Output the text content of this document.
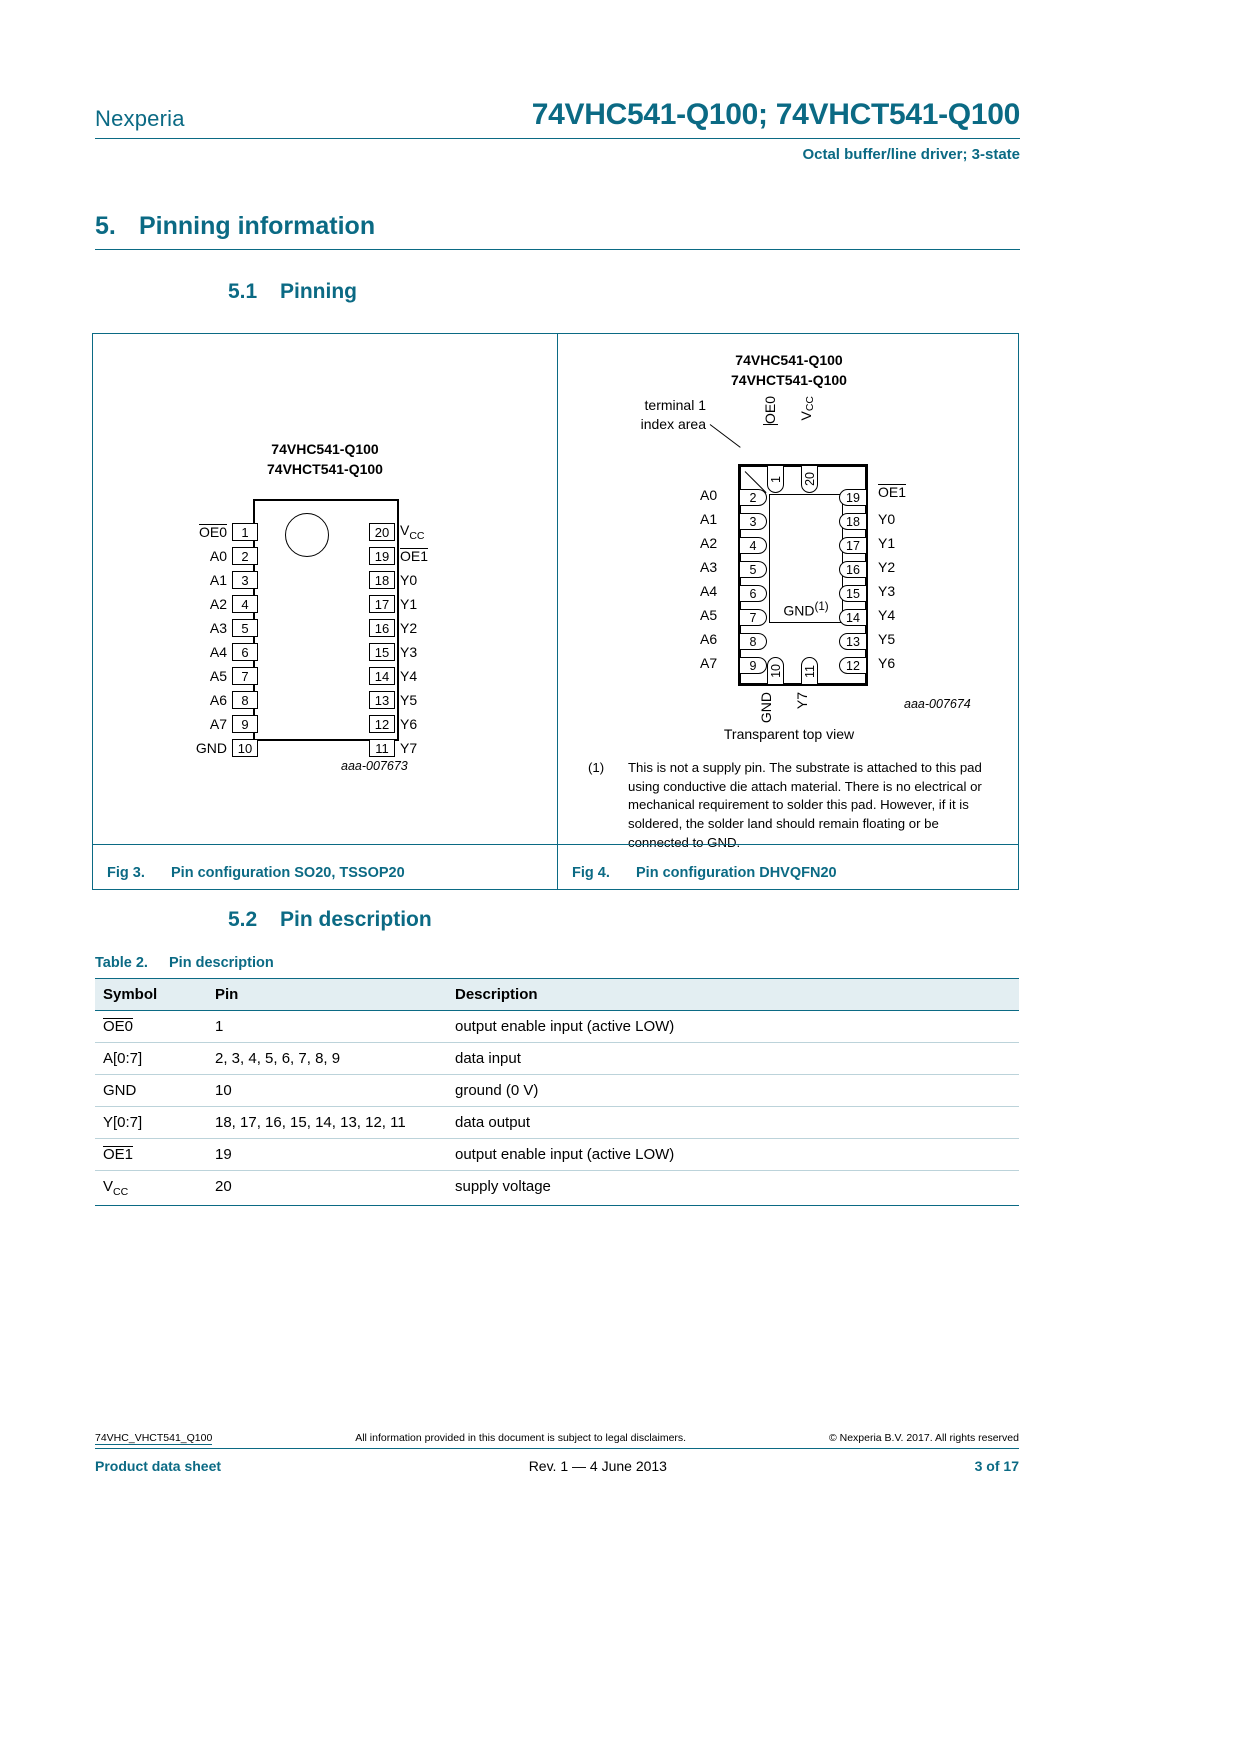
Nexperia	74VHC541-Q100; 74VHCT541-Q100
Octal buffer/line driver; 3-state
5. Pinning information
5.1	Pinning
74VHC541-Q100
74VHCT541-Q100
OE0	1
A0	2
A1	3
A2	4
A3	5
A4	6
A5	7
A6	8
A7	9
GND 10
20 $V_{CC}$
19 OE1
18 Y0
17 Y1
16 Y2
15 Y3
14 Y4
13 Y5
12 Y6
11 Y7
aaa-007673
Fig 3.	Pin configuration SO20, TSSOP20
74VHC541-Q100
74VHCT541-Q100
terminal 1
index area	OE0 $V_{CC}$
GND$^{(1)}$
1 20
10 11
2
3
4
5
6
7
8
9
19
18
17
16
15
14
13
12
A0
A1
A2
A3
A4
A5
A6
A7
OE1
Y0
Y1
Y2
Y3
Y4
Y5
Y6
GND Y7	aaa-007674
Transparent top view
(1)	This is not a supply pin. The substrate is attached to this pad using conductive die attach material. There is no electrical or mechanical requirement to solder this pad. However, if it is soldered, the solder land should remain floating or be connected to GND.
Fig 4.	Pin configuration DHVQFN20
5.2	Pin description
Table 2.	Pin description
Symbol	Pin	Description
OE0	1	output enable input (active LOW)
A[0:7]	2, 3, 4, 5, 6, 7, 8, 9	data input
GND	10	ground (0 V)
Y[0:7]	18, 17, 16, 15, 14, 13, 12, 11	data output
OE1	19	output enable input (active LOW)
$V_{CC}$	20	supply voltage
74VHC_VHCT541_Q100	All information provided in this document is subject to legal disclaimers.	© Nexperia B.V. 2017. All rights reserved
Product data sheet	Rev. 1 — 4 June 2013	3 of 17
